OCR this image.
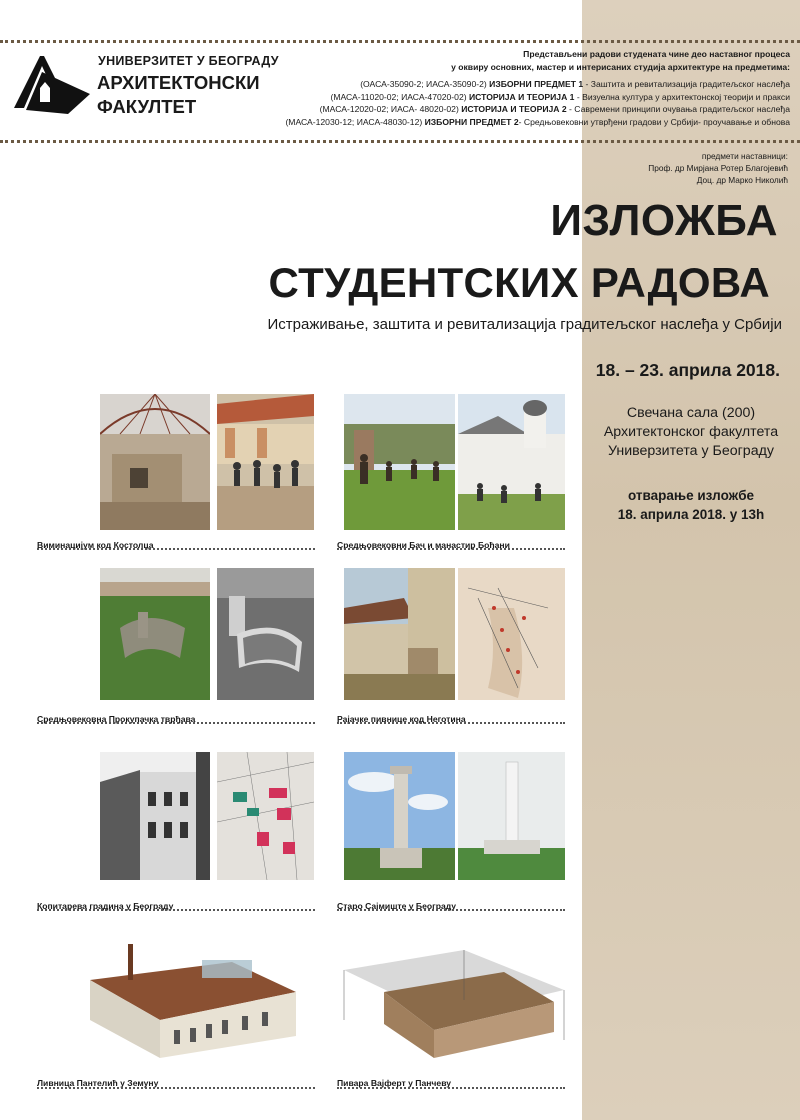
УНИВЕРЗИТЕТ У БЕОГРАДУ
АРХИТЕКТОНСКИ
ФАКУЛТЕТ
Представљени радови студената чине део наставног процеса
у оквиру основних, мастер и интерисаних студија архитектуре на предметима:
(ОАСА-35090-2; ИАСА-35090-2) ИЗБОРНИ ПРЕДМЕТ 1 - Заштита и ревитализација градитељског наслеђа
(МАСА-11020-02; ИАСА-47020-02) ИСТОРИЈА И ТЕОРИЈА 1 - Визуелна култура у архитектонској теорији и пракси
(МАСА-12020-02; ИАСА- 48020-02) ИСТОРИЈА И ТЕОРИЈА 2 - Савремени принципи очувања градитељског наслеђа
(МАСА-12030-12; ИАСА-48030-12) ИЗБОРНИ ПРЕДМЕТ 2- Средњовековни утврђени градови у Србији- проучавање и обнова
предмети наставници:
Проф. др Мирјана Ротер Благојевић
Доц. др Марко Николић
ИЗЛОЖБА
СТУДЕНТСКИХ РАДОВА
Истраживање, заштита и ревитализација градитељског наслеђа у Србији
18. – 23. априла 2018.
Свечана сала (200)
Архитектонског факултета
Универзитета у Београду
отварање изложбе
18. априла 2018. у 13h
Виминацијум код Костолца	Средњовековни Бач и манастир Бођани
Средњовековна Прокупачка тврђава	Рајачке пивнице код Неготина
Копитарева градина у Београду	Старо Сајмиште у Београду
Ливница Пантелић у Земуну	Пивара Вајферт у Панчеву
